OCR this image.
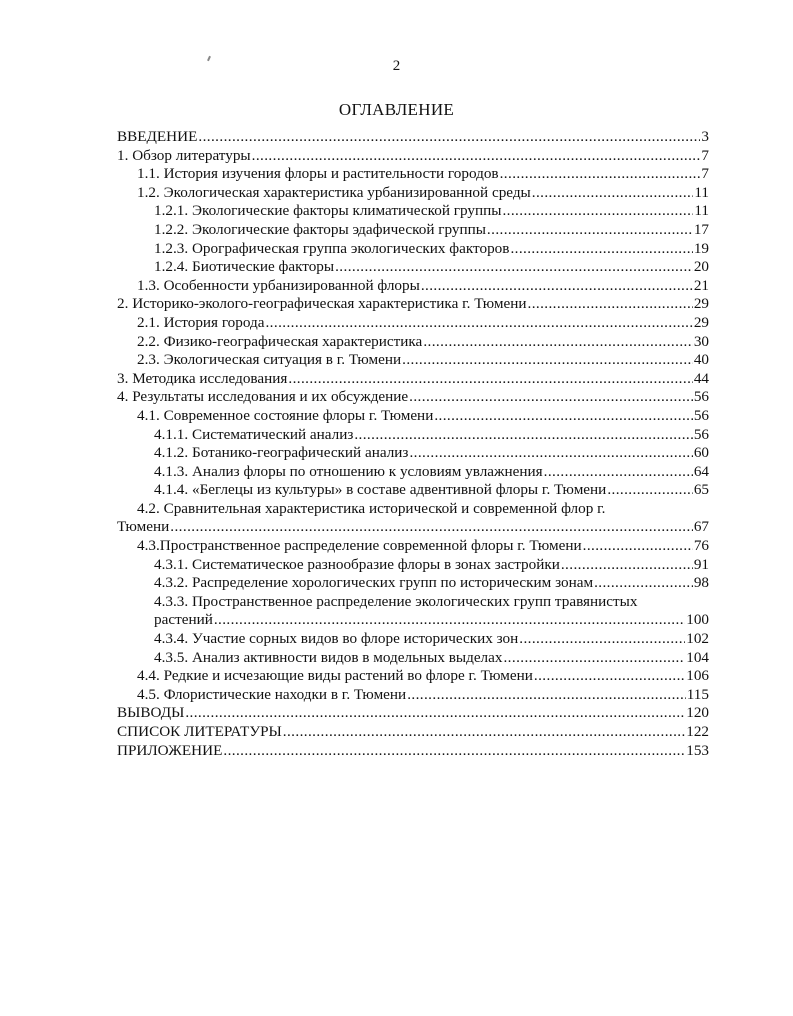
2
ОГЛАВЛЕНИЕ
ВВЕДЕНИЕ .....	3
1. Обзор литературы .....	7
1.1. История изучения флоры и растительности городов .....	7
1.2. Экологическая характеристика урбанизированной среды .....	11
1.2.1. Экологические факторы климатической группы .....	11
1.2.2. Экологические факторы эдафической группы .....	17
1.2.3. Орографическая группа экологических факторов .....	19
1.2.4. Биотические факторы .....	20
1.3. Особенности урбанизированной флоры .....	21
2. Историко-эколого-географическая характеристика г. Тюмени .....	29
2.1. История города .....	29
2.2. Физико-географическая характеристика .....	30
2.3. Экологическая ситуация в г. Тюмени .....	40
3. Методика исследования .....	44
4. Результаты исследования и их обсуждение .....	56
4.1. Современное состояние флоры г. Тюмени .....	56
4.1.1. Систематический анализ .....	56
4.1.2. Ботанико-географический анализ .....	60
4.1.3. Анализ флоры по отношению к условиям увлажнения .....	64
4.1.4. «Беглецы из культуры» в составе адвентивной флоры г. Тюмени .....	65
4.2. Сравнительная характеристика исторической и современной флор г.
Тюмени .....	67
4.3.Пространственное распределение современной флоры г. Тюмени .....	76
4.3.1. Систематическое разнообразие флоры в зонах застройки .....	91
4.3.2. Распределение хорологических групп по историческим зонам .....	98
4.3.3. Пространственное распределение экологических групп травянистых
растений .....	100
4.3.4. Участие сорных видов во флоре исторических зон .....	102
4.3.5. Анализ активности видов в модельных выделах .....	104
4.4. Редкие и исчезающие виды растений во флоре г. Тюмени .....	106
4.5. Флористические находки в г. Тюмени .....	115
ВЫВОДЫ .....	120
СПИСОК ЛИТЕРАТУРЫ .....	122
ПРИЛОЖЕНИЕ .....	153
